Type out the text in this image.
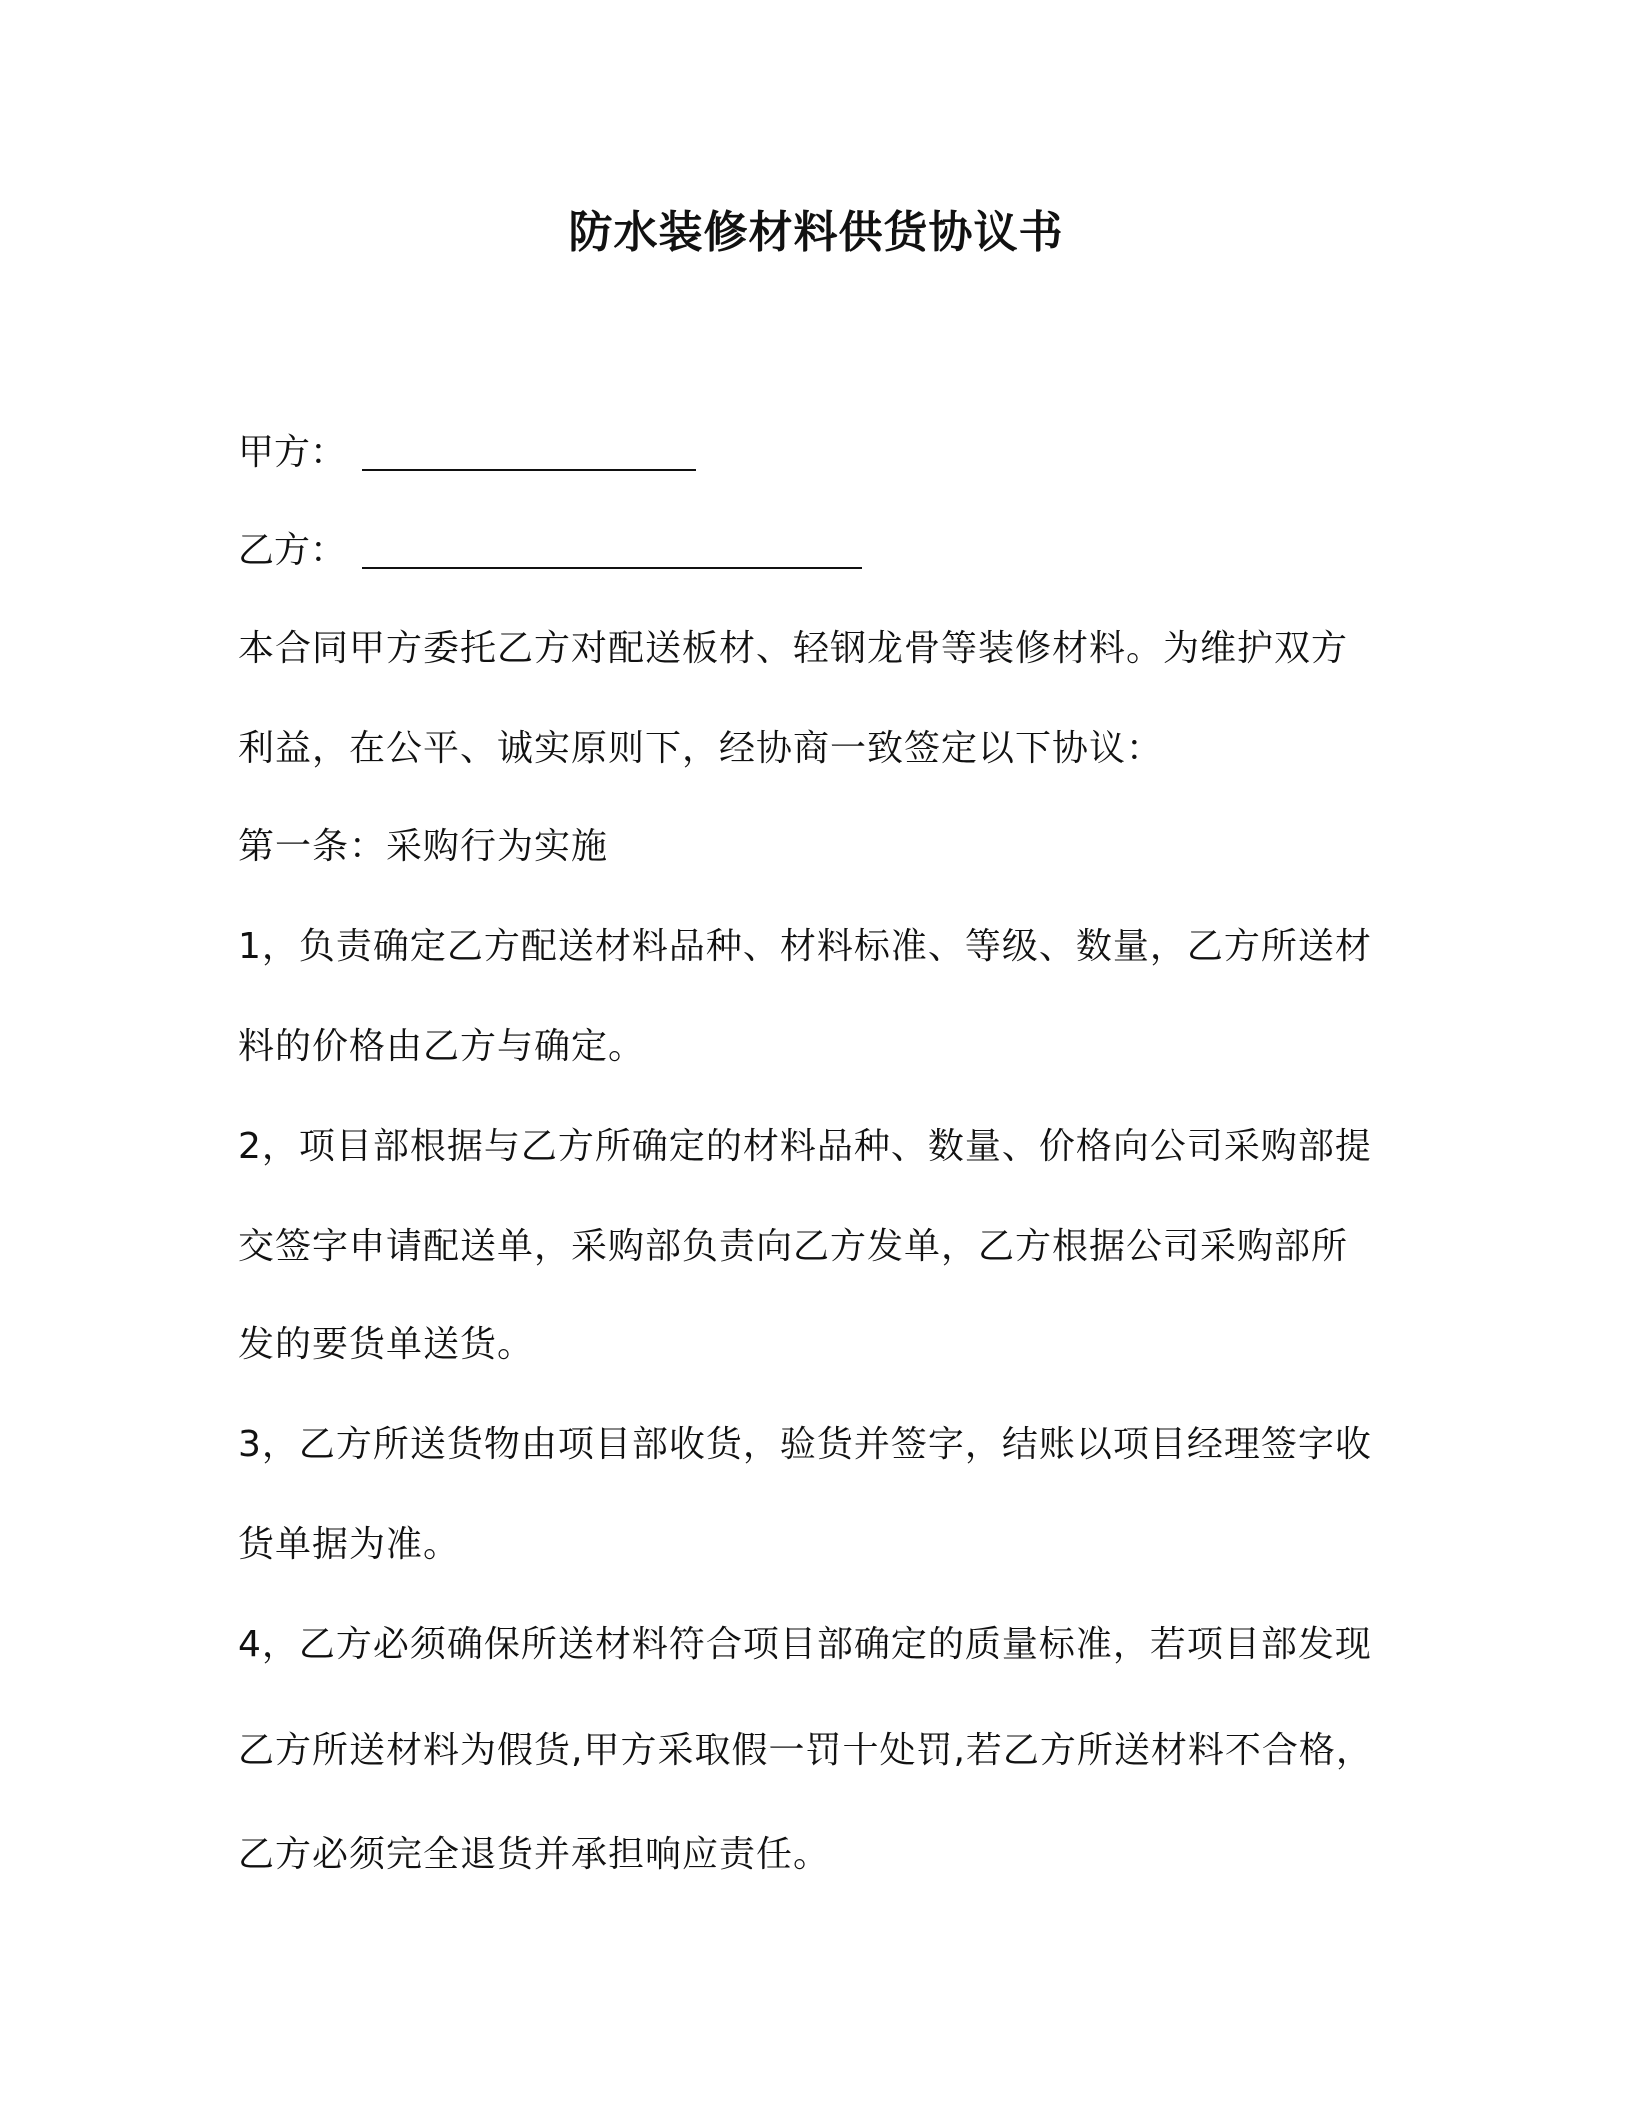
防水装修材料供货协议书
甲方：
乙方：
本合同甲方委托乙方对配送板材、轻钢龙骨等装修材料。为维护双方
利益，在公平、诚实原则下，经协商一致签定以下协议：
第一条：采购行为实施
1，负责确定乙方配送材料品种、材料标准、等级、数量，乙方所送材
料的价格由乙方与确定。
2，项目部根据与乙方所确定的材料品种、数量、价格向公司采购部提
交签字申请配送单，采购部负责向乙方发单，乙方根据公司采购部所
发的要货单送货。
3，乙方所送货物由项目部收货，验货并签字，结账以项目经理签字收
货单据为准。
4，乙方必须确保所送材料符合项目部确定的质量标准，若项目部发现
乙方所送材料为假货,甲方采取假一罚十处罚,若乙方所送材料不合格，
乙方必须完全退货并承担响应责任。
